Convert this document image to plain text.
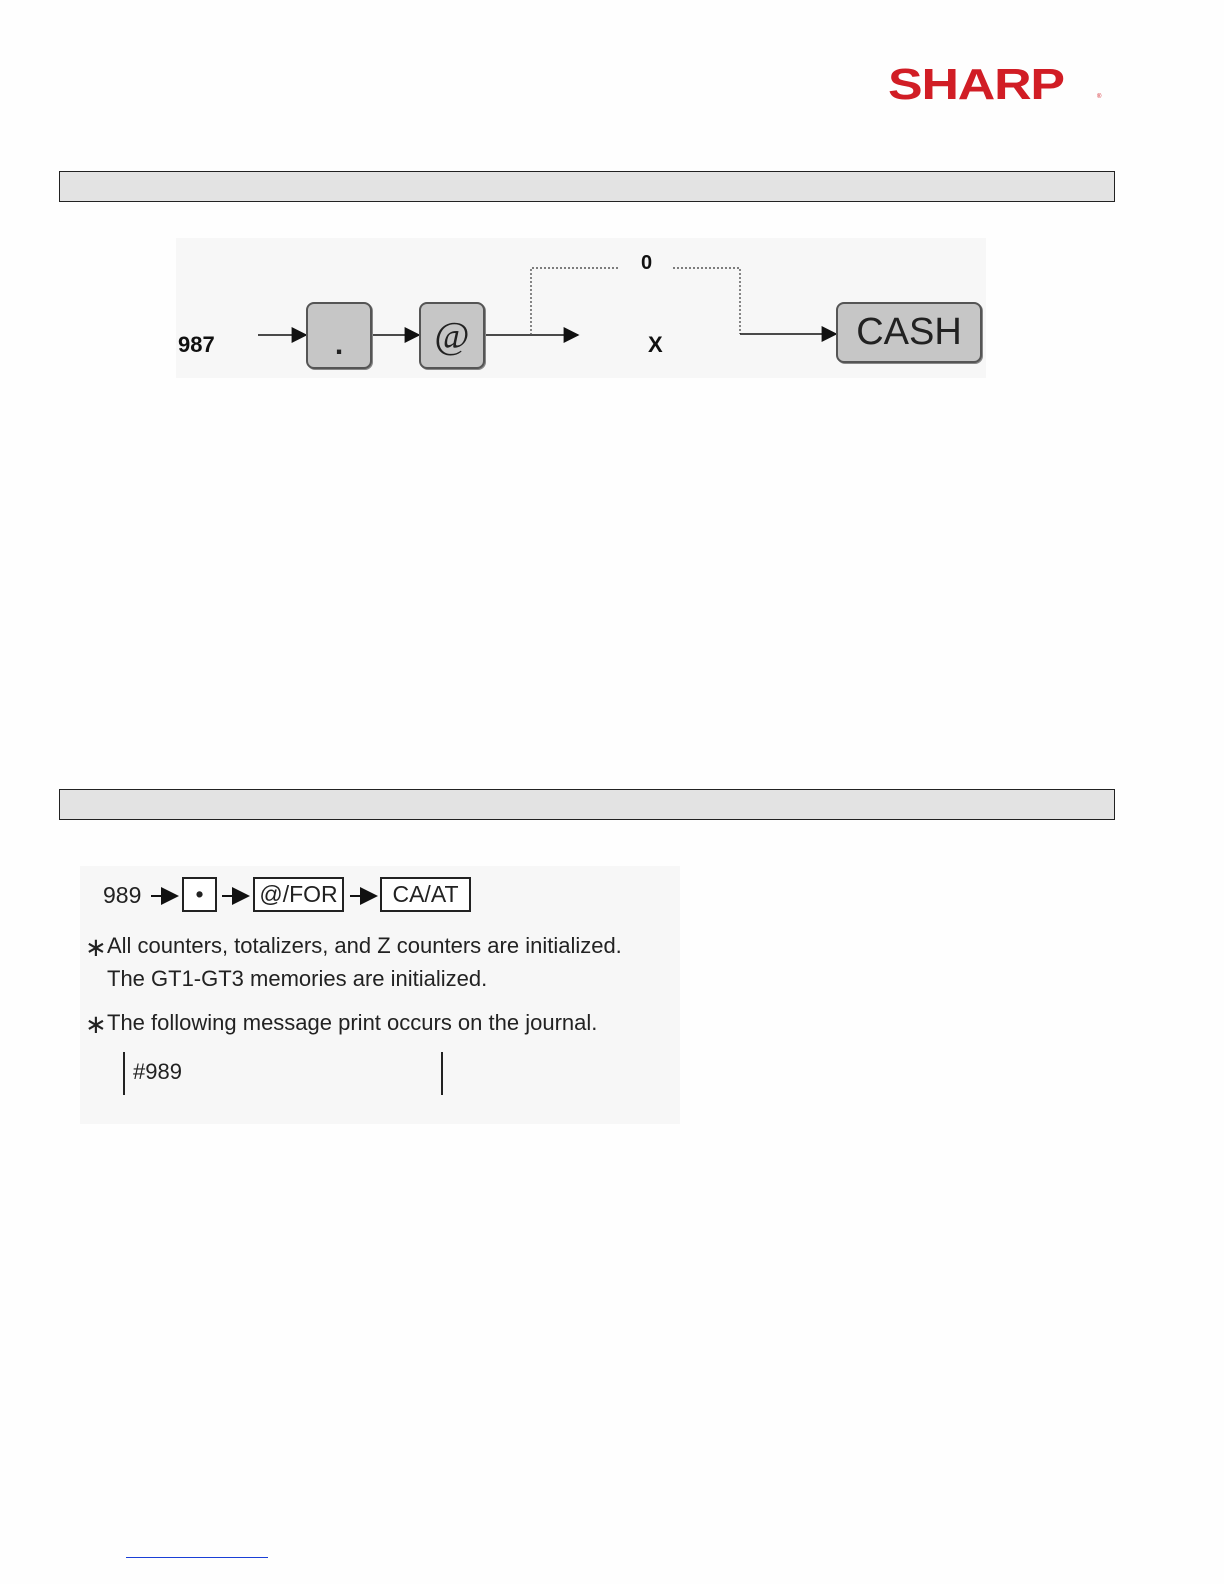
SHARP	®
987	. @
0
X	CASH
989 • @/FOR CA/AT
∗All counters, totalizers, and Z counters are initialized.
The GT1-GT3 memories are initialized.
∗The following message print occurs on the journal.
#989
